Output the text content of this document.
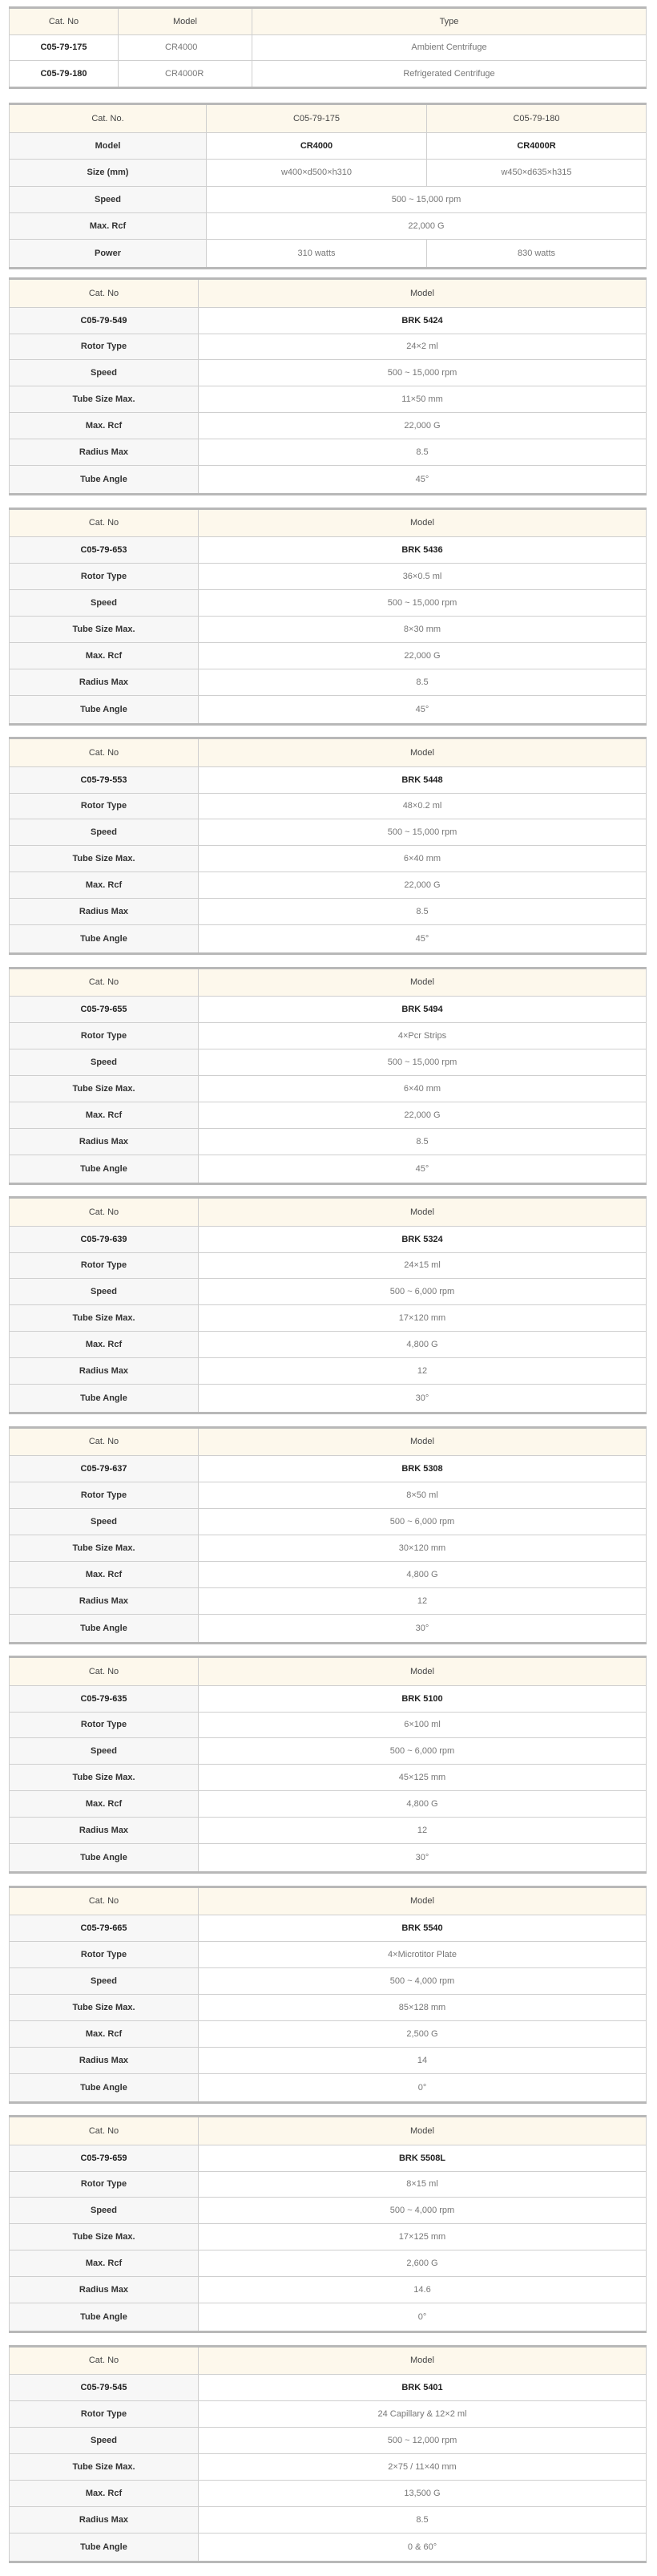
Cat. No	Model	Type
C05-79-175	CR4000	Ambient Centrifuge
C05-79-180	CR4000R	Refrigerated Centrifuge
Cat. No.	C05-79-175	C05-79-180
Model	CR4000	CR4000R
Size (mm)	w400×d500×h310	w450×d635×h315
Speed	500 ~ 15,000 rpm	
Max. Rcf	22,000 G	
Power	310 watts	830 watts
Cat. No	Model
C05-79-549	BRK 5424
Rotor Type	24×2 ml
Speed	500 ~ 15,000 rpm
Tube Size Max.	11×50 mm
Max. Rcf	22,000 G
Radius Max	8.5
Tube Angle	45°
Cat. No	Model
C05-79-653	BRK 5436
Rotor Type	36×0.5 ml
Speed	500 ~ 15,000 rpm
Tube Size Max.	8×30 mm
Max. Rcf	22,000 G
Radius Max	8.5
Tube Angle	45°
Cat. No	Model
C05-79-553	BRK 5448
Rotor Type	48×0.2 ml
Speed	500 ~ 15,000 rpm
Tube Size Max.	6×40 mm
Max. Rcf	22,000 G
Radius Max	8.5
Tube Angle	45°
Cat. No	Model
C05-79-655	BRK 5494
Rotor Type	4×Pcr Strips
Speed	500 ~ 15,000 rpm
Tube Size Max.	6×40 mm
Max. Rcf	22,000 G
Radius Max	8.5
Tube Angle	45°
Cat. No	Model
C05-79-639	BRK 5324
Rotor Type	24×15 ml
Speed	500 ~ 6,000 rpm
Tube Size Max.	17×120 mm
Max. Rcf	4,800 G
Radius Max	12
Tube Angle	30°
Cat. No	Model
C05-79-637	BRK 5308
Rotor Type	8×50 ml
Speed	500 ~ 6,000 rpm
Tube Size Max.	30×120 mm
Max. Rcf	4,800 G
Radius Max	12
Tube Angle	30°
Cat. No	Model
C05-79-635	BRK 5100
Rotor Type	6×100 ml
Speed	500 ~ 6,000 rpm
Tube Size Max.	45×125 mm
Max. Rcf	4,800 G
Radius Max	12
Tube Angle	30°
Cat. No	Model
C05-79-665	BRK 5540
Rotor Type	4×Microtitor Plate
Speed	500 ~ 4,000 rpm
Tube Size Max.	85×128 mm
Max. Rcf	2,500 G
Radius Max	14
Tube Angle	0°
Cat. No	Model
C05-79-659	BRK 5508L
Rotor Type	8×15 ml
Speed	500 ~ 4,000 rpm
Tube Size Max.	17×125 mm
Max. Rcf	2,600 G
Radius Max	14.6
Tube Angle	0°
Cat. No	Model
C05-79-545	BRK 5401
Rotor Type	24 Capillary & 12×2 ml
Speed	500 ~ 12,000 rpm
Tube Size Max.	2×75 / 11×40 mm
Max. Rcf	13,500 G
Radius Max	8.5
Tube Angle	0 & 60°
